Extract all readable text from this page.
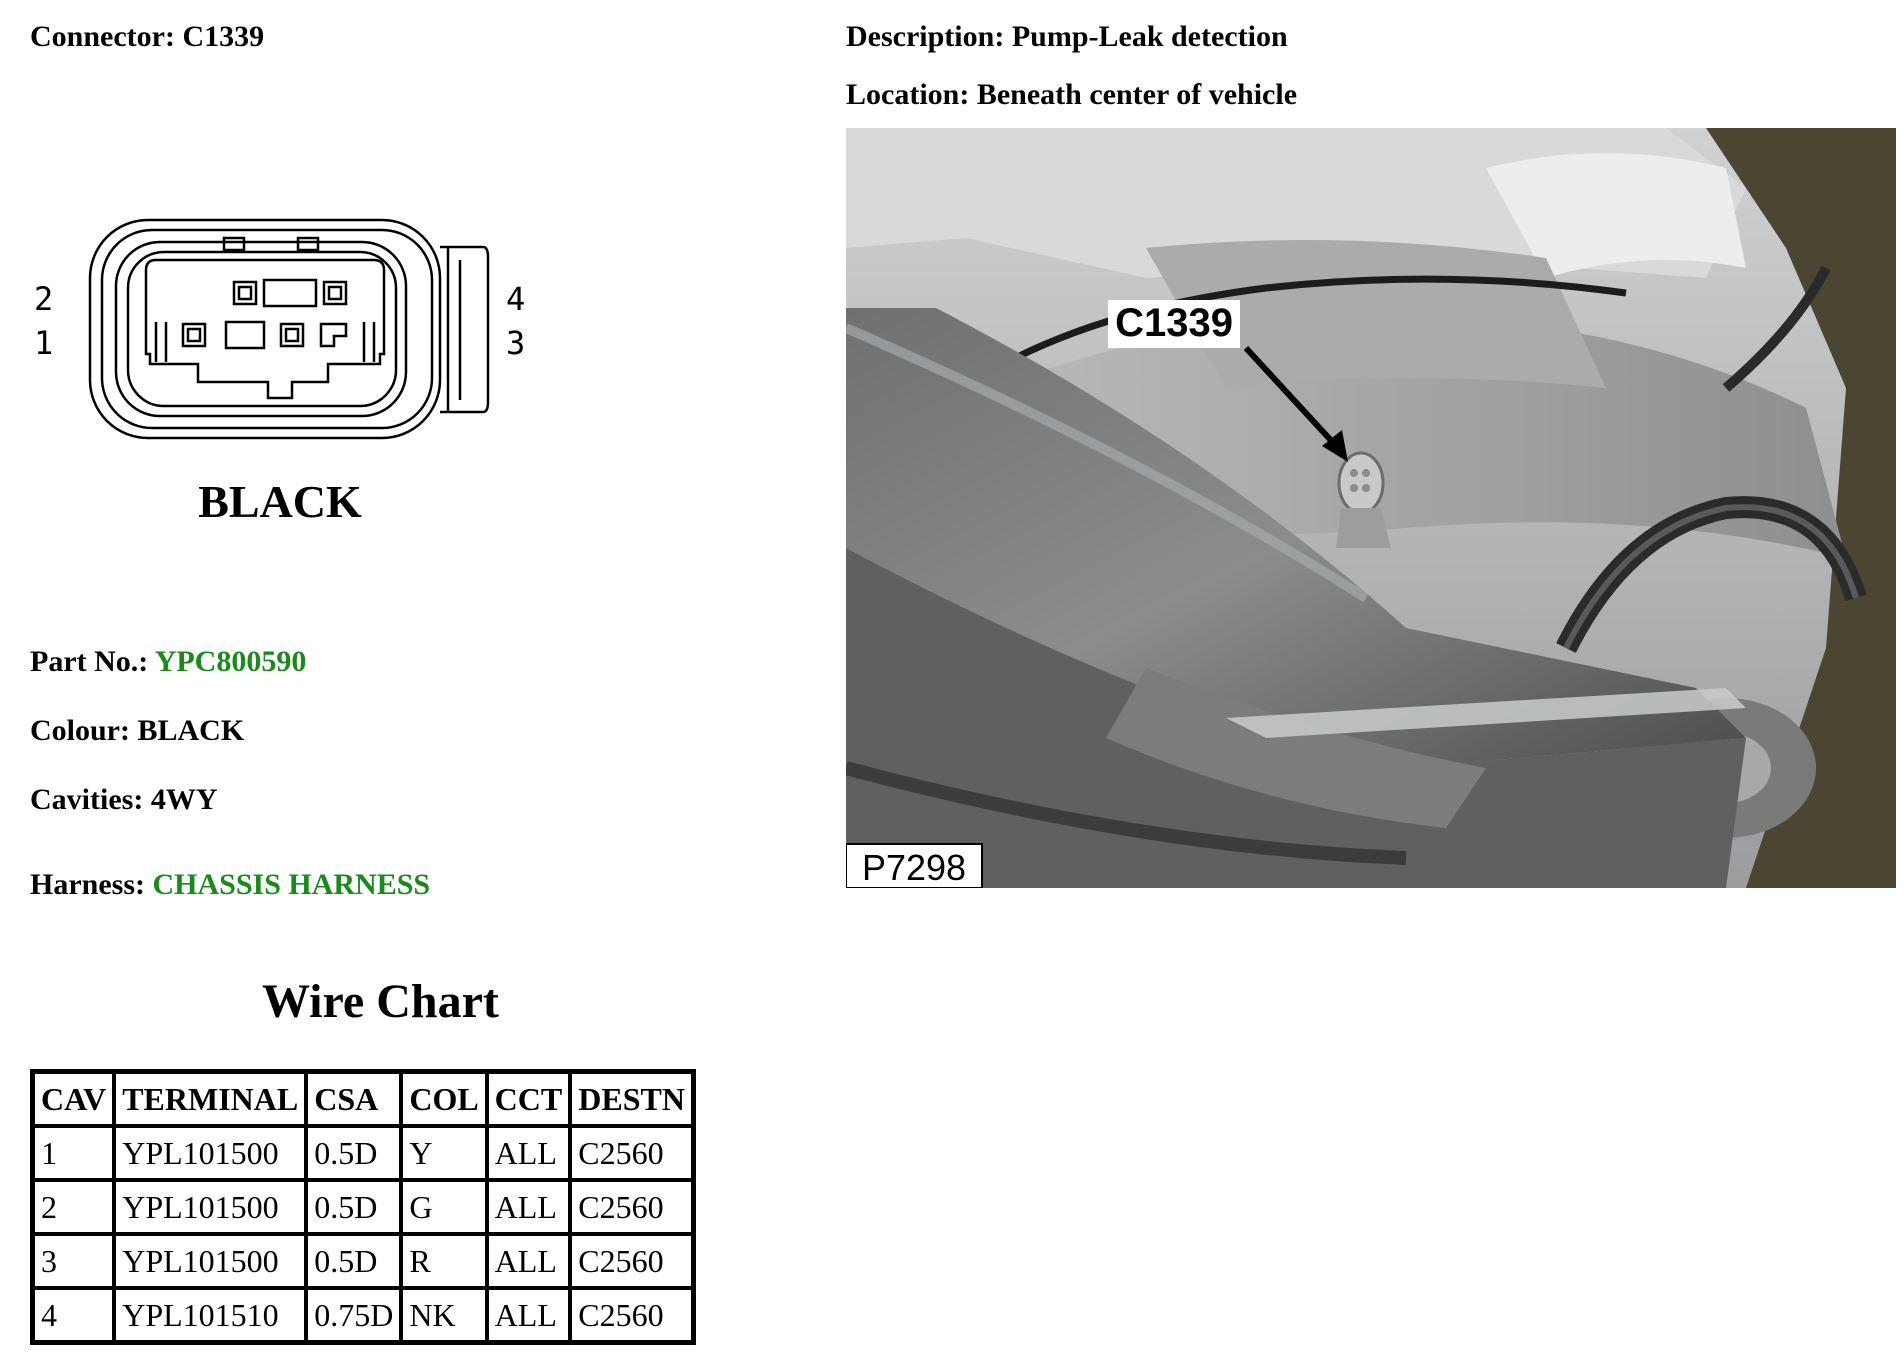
Connector: C1339	Description: Pump-Leak detection
Location: Beneath center of vehicle
2
1
4
3
BLACK
C1339
P7298
Part No.: YPC800590
Colour: BLACK
Cavities: 4WY
Harness: CHASSIS HARNESS
Wire Chart
CAV	TERMINAL	CSA	COL	CCT	DESTN
1	YPL101500	0.5D	Y	ALL	C2560
2	YPL101500	0.5D	G	ALL	C2560
3	YPL101500	0.5D	R	ALL	C2560
4	YPL101510	0.75D	NK	ALL	C2560
